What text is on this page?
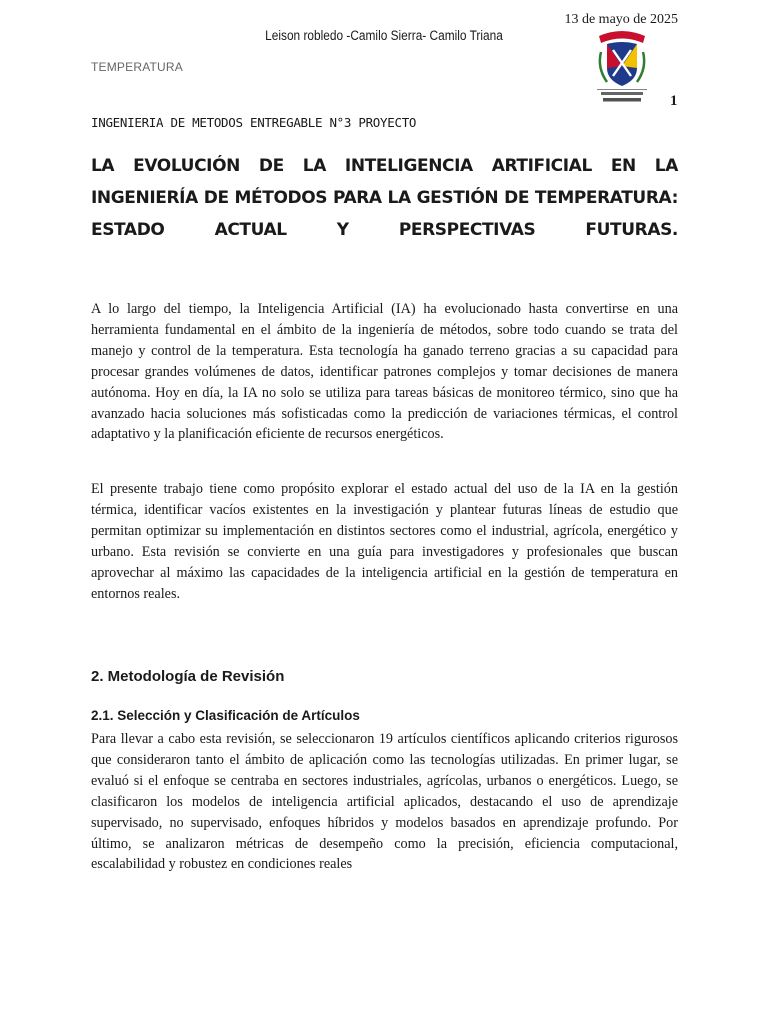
13 de mayo de 2025
Leison robledo -Camilo Sierra- Camilo Triana
TEMPERATURA
1
INGENIERIA DE METODOS ENTREGABLE N°3 PROYECTO
LA EVOLUCIÓN DE LA INTELIGENCIA ARTIFICIAL EN LA INGENIERÍA DE MÉTODOS PARA LA GESTIÓN DE TEMPERATURA: ESTADO ACTUAL Y PERSPECTIVAS FUTURAS.
A lo largo del tiempo, la Inteligencia Artificial (IA) ha evolucionado hasta convertirse en una herramienta fundamental en el ámbito de la ingeniería de métodos, sobre todo cuando se trata del manejo y control de la temperatura. Esta tecnología ha ganado terreno gracias a su capacidad para procesar grandes volúmenes de datos, identificar patrones complejos y tomar decisiones de manera autónoma. Hoy en día, la IA no solo se utiliza para tareas básicas de monitoreo térmico, sino que ha avanzado hacia soluciones más sofisticadas como la predicción de variaciones térmicas, el control adaptativo y la planificación eficiente de recursos energéticos.
El presente trabajo tiene como propósito explorar el estado actual del uso de la IA en la gestión térmica, identificar vacíos existentes en la investigación y plantear futuras líneas de estudio que permitan optimizar su implementación en distintos sectores como el industrial, agrícola, energético y urbano. Esta revisión se convierte en una guía para investigadores y profesionales que buscan aprovechar al máximo las capacidades de la inteligencia artificial en la gestión de temperatura en entornos reales.
2. Metodología de Revisión
2.1. Selección y Clasificación de Artículos
Para llevar a cabo esta revisión, se seleccionaron 19 artículos científicos aplicando criterios rigurosos que consideraron tanto el ámbito de aplicación como las tecnologías utilizadas. En primer lugar, se evaluó si el enfoque se centraba en sectores industriales, agrícolas, urbanos o energéticos. Luego, se clasificaron los modelos de inteligencia artificial aplicados, destacando el uso de aprendizaje supervisado, no supervisado, enfoques híbridos y modelos basados en aprendizaje profundo. Por último, se analizaron métricas de desempeño como la precisión, eficiencia computacional, escalabilidad y robustez en condiciones reales
